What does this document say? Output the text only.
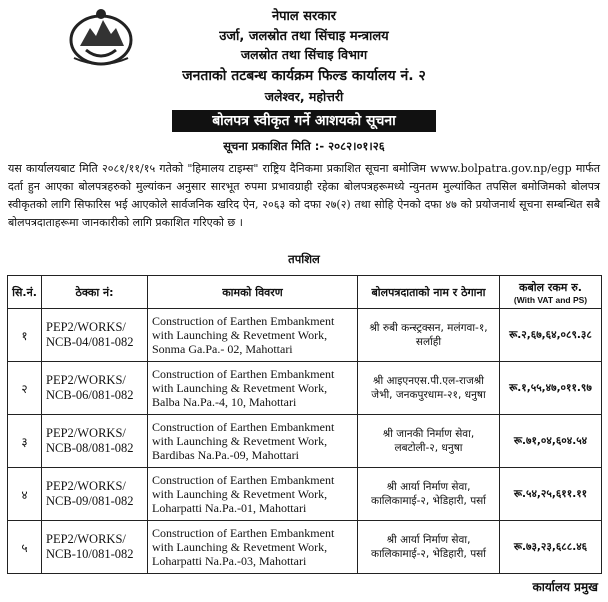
नेपाल सरकार
उर्जा, जलस्रोत तथा सिंचाइ मन्त्रालय
जलस्रोत तथा सिंचाइ विभाग
जनताको तटबन्ध कार्यक्रम फिल्ड कार्यालय नं. २
जलेश्वर, महोत्तरी
बोलपत्र स्वीकृत गर्ने आशयको सूचना
सूचना प्रकाशित मिति :- २०८२।०१।२६
यस कार्यालयबाट मिति २०८१/११/१५ गतेको "हिमालय टाइम्स" राष्ट्रिय दैनिकमा प्रकाशित सूचना बमोजिम www.bolpatra.gov.np/egp मार्फत दर्ता हुन आएका बोलपत्रहरुको मुल्यांकन अनुसार सारभूत रुपमा प्रभावग्राही रहेका बोलपत्रहरूमध्ये न्युनतम मुल्यांकित तपसिल बमोजिमको बोलपत्र स्वीकृतको लागि सिफारिस भई आएकोले सार्वजनिक खरिद ऐन, २०६३ को दफा २७(२) तथा सोहि ऐनको दफा ४७ को प्रयोजनार्थ सूचना सम्बन्धित सबै बोलपत्रदाताहरूमा जानकारीको लागि प्रकाशित गरिएको छ ।
तपशिल
सि.नं.	ठेक्का नं:	कामको विवरण	बोलपत्रदाताको नाम र ठेगाना	कबोल रकम रु.
(With VAT and PS)

१	PEP2/WORKS/ NCB-04/081-082	Construction of Earthen Embankment with Launching & Revetment Work, Sonma Ga.Pa.- 02, Mahottari	श्री रुबी कन्स्ट्रक्सन, मलंगवा-१, सर्लाही	रू.२,६७,६४,०८९.३८
२	PEP2/WORKS/ NCB-06/081-082	Construction of Earthen Embankment with Launching & Revetment Work, Balba Na.Pa.-4, 10, Mahottari	श्री आइएनएस.पी.एल-राजश्री जेभी, जनकपुरधाम-२१, धनुषा	रू.१,५५,४७,०११.९७
३	PEP2/WORKS/ NCB-08/081-082	Construction of Earthen Embankment with Launching & Revetment Work, Bardibas Na.Pa.-09, Mahottari	श्री जानकी निर्माण सेवा, लबटोली-२, धनुषा	रू.७१,०४,६०४.५४
४	PEP2/WORKS/ NCB-09/081-082	Construction of Earthen Embankment with Launching & Revetment Work, Loharpatti Na.Pa.-01, Mahottari	श्री आर्या निर्माण सेवा, कालिकामाई-२, भेडिहारी, पर्सा	रू.५४,२५,६११.११
५	PEP2/WORKS/ NCB-10/081-082	Construction of Earthen Embankment with Launching & Revetment Work, Loharpatti Na.Pa.-03, Mahottari	श्री आर्या निर्माण सेवा, कालिकामाई-२, भेडिहारी, पर्सा	रू.७३,२३,६८८.४६
कार्यालय प्रमुख
